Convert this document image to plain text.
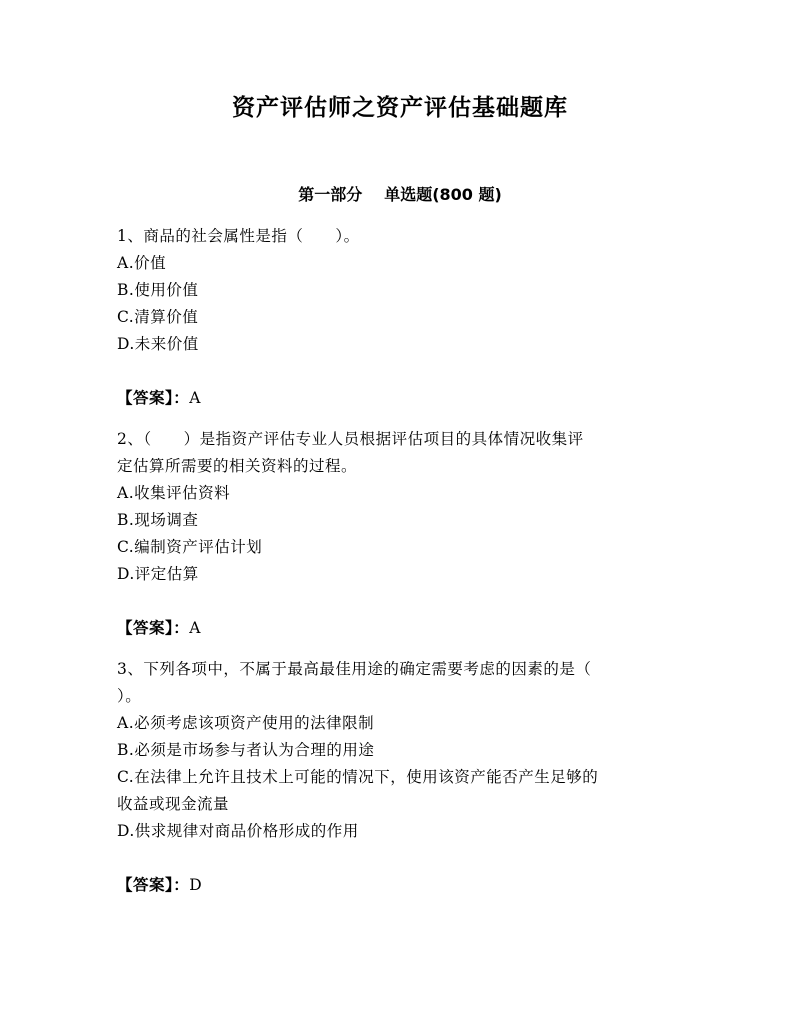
资产评估师之资产评估基础题库
第一部分 单选题(800 题)
1、商品的社会属性是指（　　）。
A.价值
B.使用价值
C.清算价值
D.未来价值
【答案】：A
2、（　　）是指资产评估专业人员根据评估项目的具体情况收集评
定估算所需要的相关资料的过程。
A.收集评估资料
B.现场调查
C.编制资产评估计划
D.评定估算
【答案】：A
3、下列各项中，不属于最高最佳用途的确定需要考虑的因素的是（
）。
A.必须考虑该项资产使用的法律限制
B.必须是市场参与者认为合理的用途
C.在法律上允许且技术上可能的情况下，使用该资产能否产生足够的
收益或现金流量
D.供求规律对商品价格形成的作用
【答案】：D
